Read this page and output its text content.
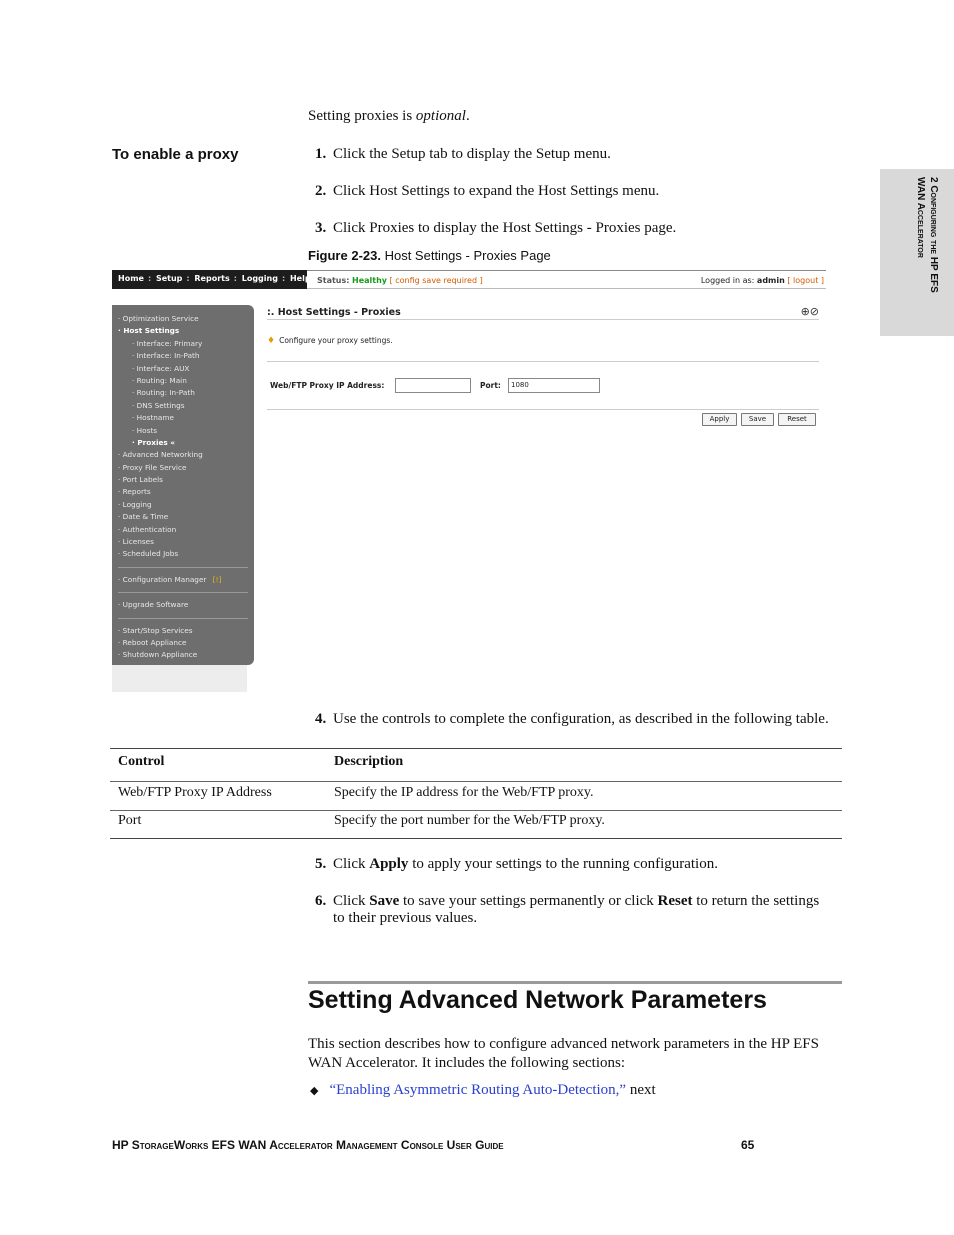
2 Configuring the HP EFS
WAN Accelerator
Setting proxies is optional.
To enable a proxy	1. Click the Setup tab to display the Setup menu.
2. Click Host Settings to expand the Host Settings menu.
3. Click Proxies to display the Host Settings - Proxies page.
Figure 2-23. Host Settings - Proxies Page
Home : Setup : Reports : Logging : Help Status: Healthy [ config save required ]	Logged in as: admin [ logout ]
· Optimization Service
· Host Settings
· Interface: Primary
· Interface: In-Path
· Interface: AUX
· Routing: Main
· Routing: In-Path
· DNS Settings
· Hostname
· Hosts
· Proxies «
· Advanced Networking
· Proxy File Service
· Port Labels
· Reports
· Logging
· Date & Time
· Authentication
· Licenses
· Scheduled Jobs
· Configuration Manager [!]
· Upgrade Software
· Start/Stop Services
· Reboot Appliance
· Shutdown Appliance
:. Host Settings - Proxies	⊕⊘
♦ Configure your proxy settings.
Web/FTP Proxy IP Address:	Port:	1080
Apply	Save	Reset
4. Use the controls to complete the configuration, as described in the following table.
Control	Description
Web/FTP Proxy IP Address	Specify the IP address for the Web/FTP proxy.
Port	Specify the port number for the Web/FTP proxy.
5. Click Apply to apply your settings to the running configuration.
6. Click Save to save your settings permanently or click Reset to return the settings
to their previous values.
Setting Advanced Network Parameters
This section describes how to configure advanced network parameters in the HP EFS
WAN Accelerator. It includes the following sections:
◆ “Enabling Asymmetric Routing Auto-Detection,” next
HP StorageWorks EFS WAN Accelerator Management Console User Guide	65
